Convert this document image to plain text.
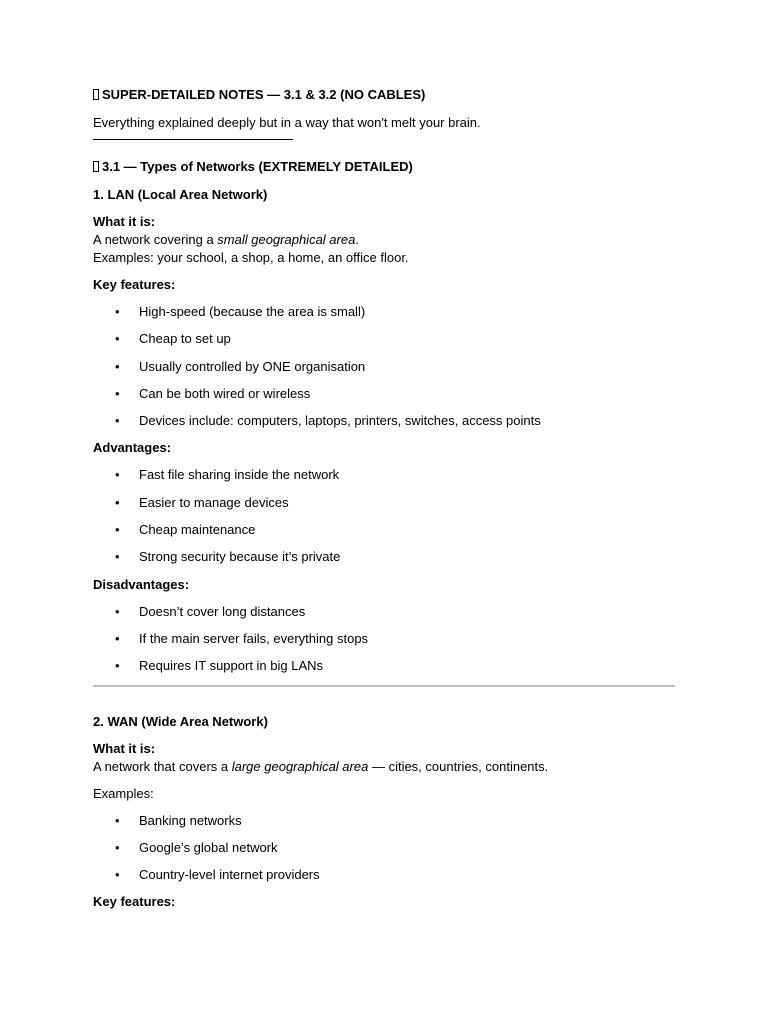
SUPER-DETAILED NOTES — 3.1 & 3.2 (NO CABLES)

Everything explained deeply but in a way that won't melt your brain.

3.1 — Types of Networks (EXTREMELY DETAILED)

1. LAN (Local Area Network)

What it is:

A network covering a small geographical area.

Examples: your school, a shop, a home, an office floor.

Key features:

• High-speed (because the area is small)
• Cheap to set up
• Usually controlled by ONE organisation
• Can be both wired or wireless
• Devices include: computers, laptops, printers, switches, access points

Advantages:

• Fast file sharing inside the network
• Easier to manage devices
• Cheap maintenance
• Strong security because it’s private

Disadvantages:

• Doesn’t cover long distances
• If the main server fails, everything stops
• Requires IT support in big LANs

2. WAN (Wide Area Network)

What it is:

A network that covers a large geographical area — cities, countries, continents.

Examples:

• Banking networks
• Google’s global network
• Country-level internet providers

Key features:
